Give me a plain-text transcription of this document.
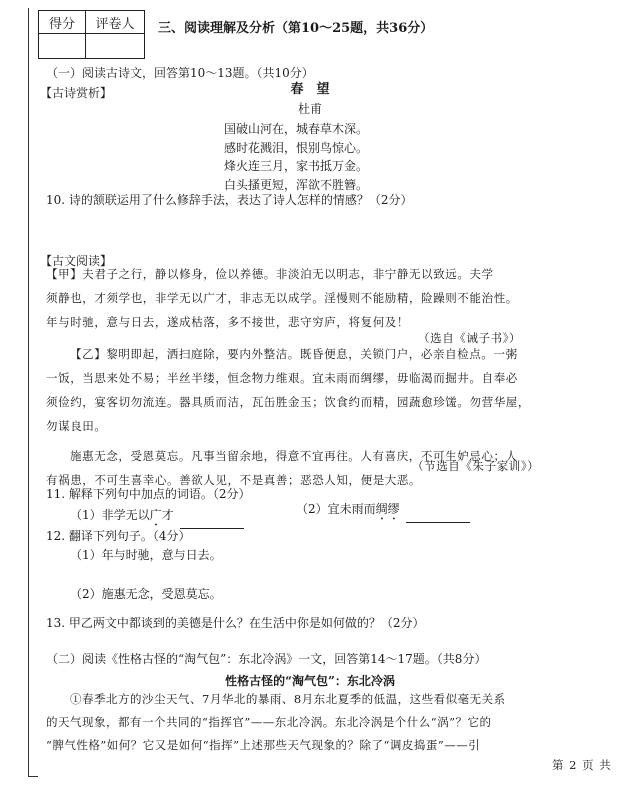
得分	评卷人
	三、阅读理解及分析（第10～25题，共36分）
（一）阅读古诗文，回答第10～13题。（共10分）
【古诗赏析】	春　望
杜甫
国破山河在，城春草木深。
感时花溅泪，恨别鸟惊心。
烽火连三月，家书抵万金。
白头搔更短，浑欲不胜簪。
10. 诗的颔联运用了什么修辞手法，表达了诗人怎样的情感？（2分）
【古文阅读】
【甲】夫君子之行，静以修身，俭以养德。非淡泊无以明志，非宁静无以致远。夫学
须静也，才须学也，非学无以广才，非志无以成学。淫慢则不能励精，险躁则不能治性。
年与时驰，意与日去，遂成枯落，多不接世，悲守穷庐，将复何及！
（选自《诫子书》）
【乙】黎明即起，洒扫庭除，要内外整洁。既昏便息，关锁门户，必亲自检点。一粥
一饭，当思来处不易；半丝半缕，恒念物力维艰。宜未雨而绸缪，毋临渴而掘井。自奉必
须俭约，宴客切勿流连。器具质而洁，瓦缶胜金玉；饮食约而精，园蔬愈珍馐。勿营华屋，
勿谋良田。
施惠无念，受恩莫忘。凡事当留余地，得意不宜再往。人有喜庆，不可生妒忌心；人
有祸患，不可生喜幸心。善欲人见，不是真善；恶恐人知，便是大恶。
（节选自《朱子家训》）
11. 解释下列句中加点的词语。（2分）
（1）非学无以广才	（2）宜未雨而绸缪
12. 翻译下列句子。（4分）
（1）年与时驰，意与日去。
（2）施惠无念，受恩莫忘。
13. 甲乙两文中都谈到的美德是什么？在生活中你是如何做的？（2分）
（二）阅读《性格古怪的“淘气包”：东北冷涡》一文，回答第14～17题。（共8分）
性格古怪的“淘气包”：东北冷涡
①春季北方的沙尘天气、7月华北的暴雨、8月东北夏季的低温，这些看似毫无关系
的天气现象，都有一个共同的“指挥官”——东北冷涡。东北冷涡是个什么“涡”？它的
“脾气性格”如何？它又是如何“指挥”上述那些天气现象的？除了“调皮捣蛋”——引
第 2 页 共
